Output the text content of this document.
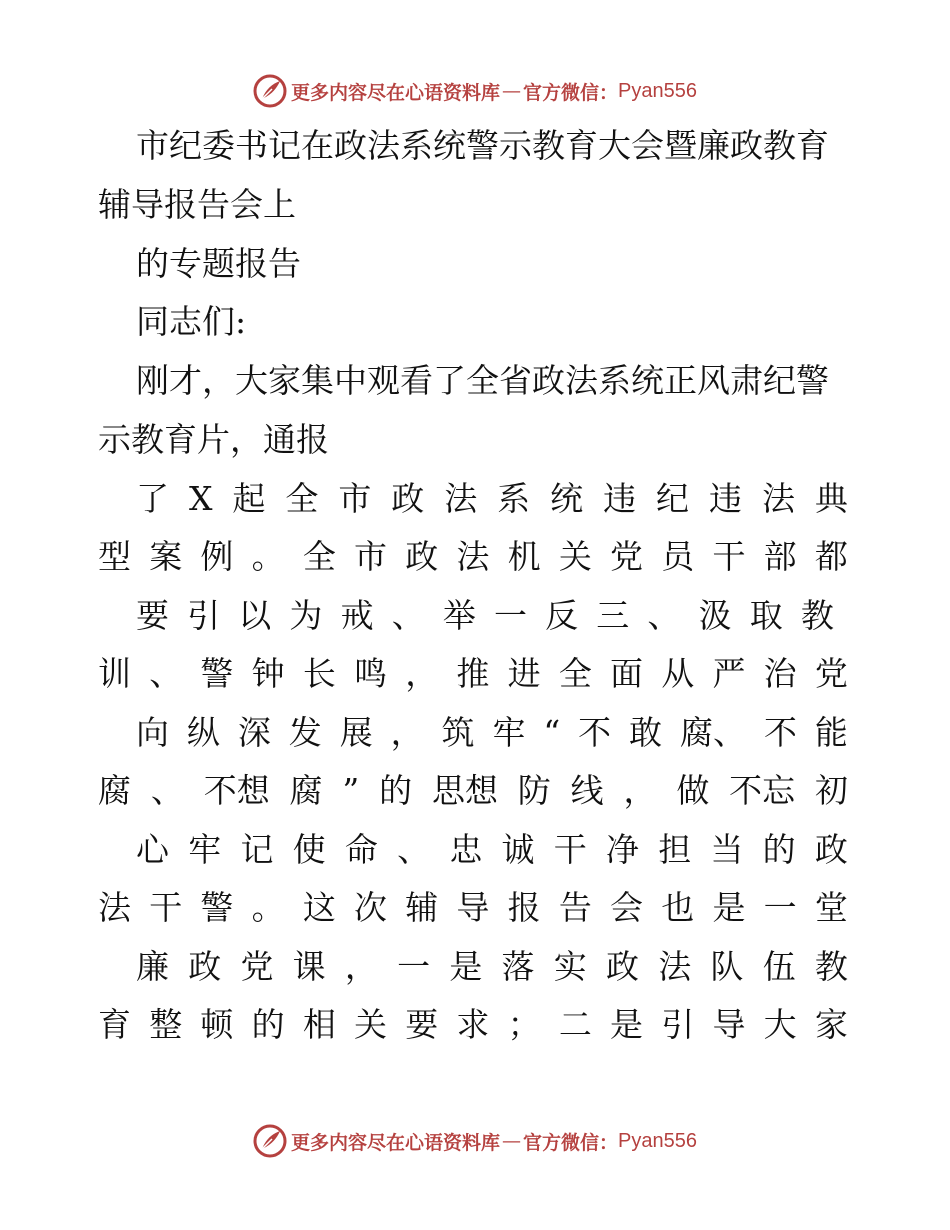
更多内容尽在心语资料库 — 官方微信： Pyan556
市纪委书记在政法系统警示教育大会暨廉政教育
辅导报告会上
的专题报告
同志们:
刚才，大家集中观看了全省政法系统正风肃纪警
示教育片，通报
了 X 起 全 市 政 法 系 统 违 纪 违 法 典
型 案 例 。 全 市 政 法 机 关 党 员 干 部 都
要 引 以 为 戒 、 举 一 反 三 、 汲 取 教
训 、 警 钟 长 鸣 ， 推 进 全 面 从 严 治 党
向 纵 深 发 展 ， 筑 牢 “ 不 敢 腐、 不 能
腐 、 不想 腐 ” 的 思想 防 线 ， 做 不忘 初
心 牢 记 使 命 、 忠 诚 干 净 担 当 的 政
法 干 警 。 这 次 辅 导 报 告 会 也 是 一 堂
廉 政 党 课 ， 一 是 落 实 政 法 队 伍 教
育 整 顿 的 相 关 要 求 ； 二 是 引 导 大 家
更多内容尽在心语资料库 — 官方微信： Pyan556
